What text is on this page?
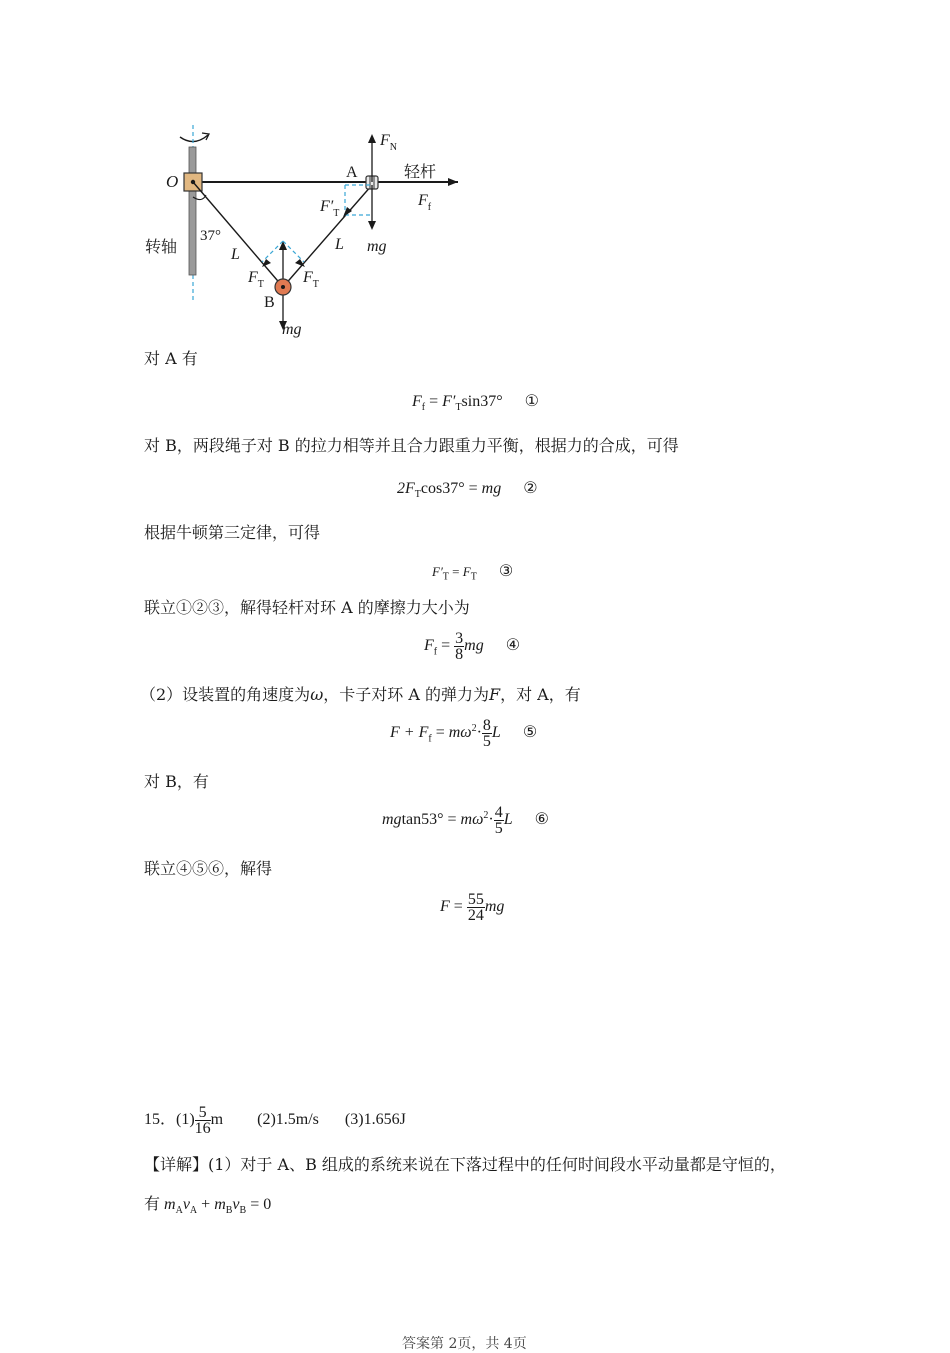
O	A	轻杆
转轴
37°
L
L
$F_N$
$F_f$
$F'_T$
mg
$F_T$ $F_T$
B
mg
对 A 有
$F_f = F'_T\sin 37^\circ$ ①
对 B，两段绳子对 B 的拉力相等并且合力跟重力平衡，根据力的合成，可得
$2F_T\cos 37^\circ$ = mg ②
根据牛顿第三定律，可得
$F'_T = F_T$ ③
联立①②③，解得轻杆对环 A 的摩擦力大小为
$F_f = \frac{3}{8}$ mg ④
（2）设装置的角速度为ω，卡子对环 A 的弹力为F，对 A，有
$F + F_f = m\omega^2\cdot \frac{8}{5}$ L ⑤
对 B，有
$mgtan53^\circ = m\omega^2\cdot \frac{4}{5}$ L ⑥
联立④⑤⑥，解得
$F = \frac{55}{24}$ mg
15．$(1) \frac{5}{16}$ m (2)1.5m/s (3)1.656J
【详解】(1）对于 A、B 组成的系统来说在下落过程中的任何时间段水平动量都是守恒的，
有 $m_Av_A + m_Bv_B = 0$
答案第 2页，共 4页
